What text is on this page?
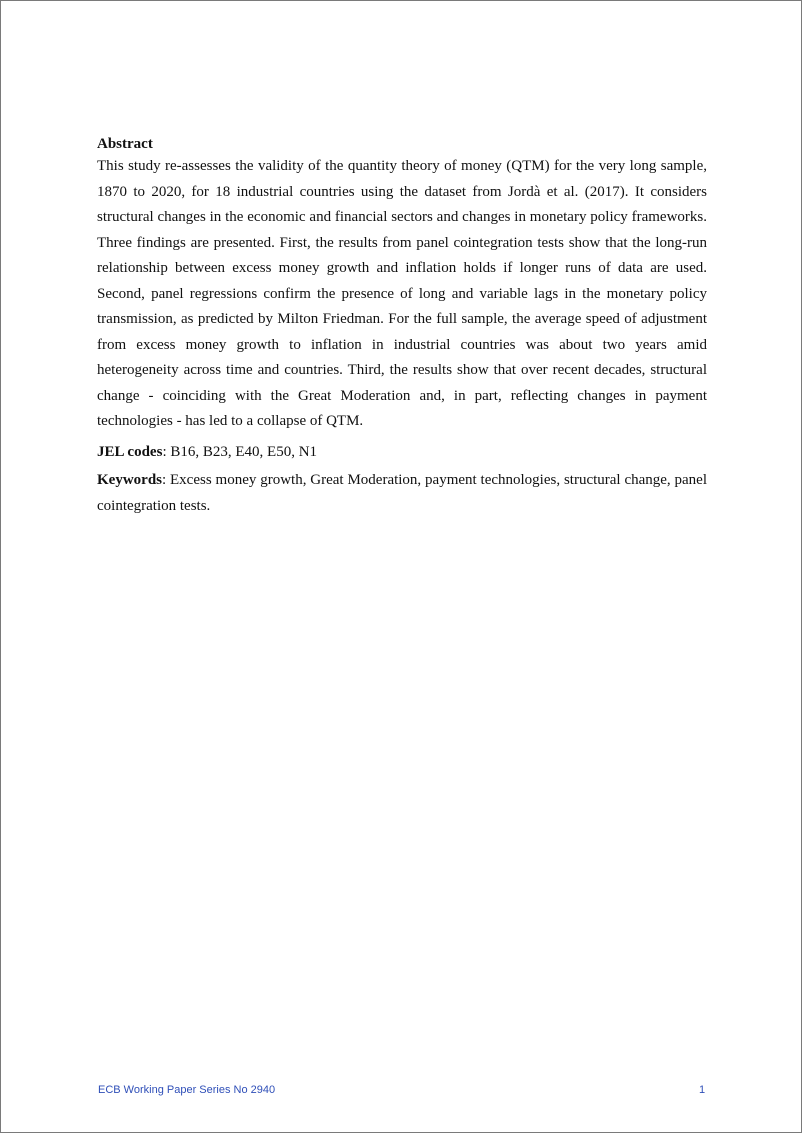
Abstract

This study re-assesses the validity of the quantity theory of money (QTM) for the very long sample, 1870 to 2020, for 18 industrial countries using the dataset from Jordà et al. (2017). It considers structural changes in the economic and financial sectors and changes in monetary policy frameworks. Three findings are presented. First, the results from panel cointegration tests show that the long-run relationship between excess money growth and inflation holds if longer runs of data are used. Second, panel regressions confirm the presence of long and variable lags in the monetary policy transmission, as predicted by Milton Friedman. For the full sample, the average speed of adjustment from excess money growth to inflation in industrial countries was about two years amid heterogeneity across time and countries. Third, the results show that over recent decades, structural change - coinciding with the Great Moderation and, in part, reflecting changes in payment technologies - has led to a collapse of QTM.

JEL codes: B16, B23, E40, E50, N1

Keywords: Excess money growth, Great Moderation, payment technologies, structural change, panel cointegration tests.

ECB Working Paper Series No 2940	1
